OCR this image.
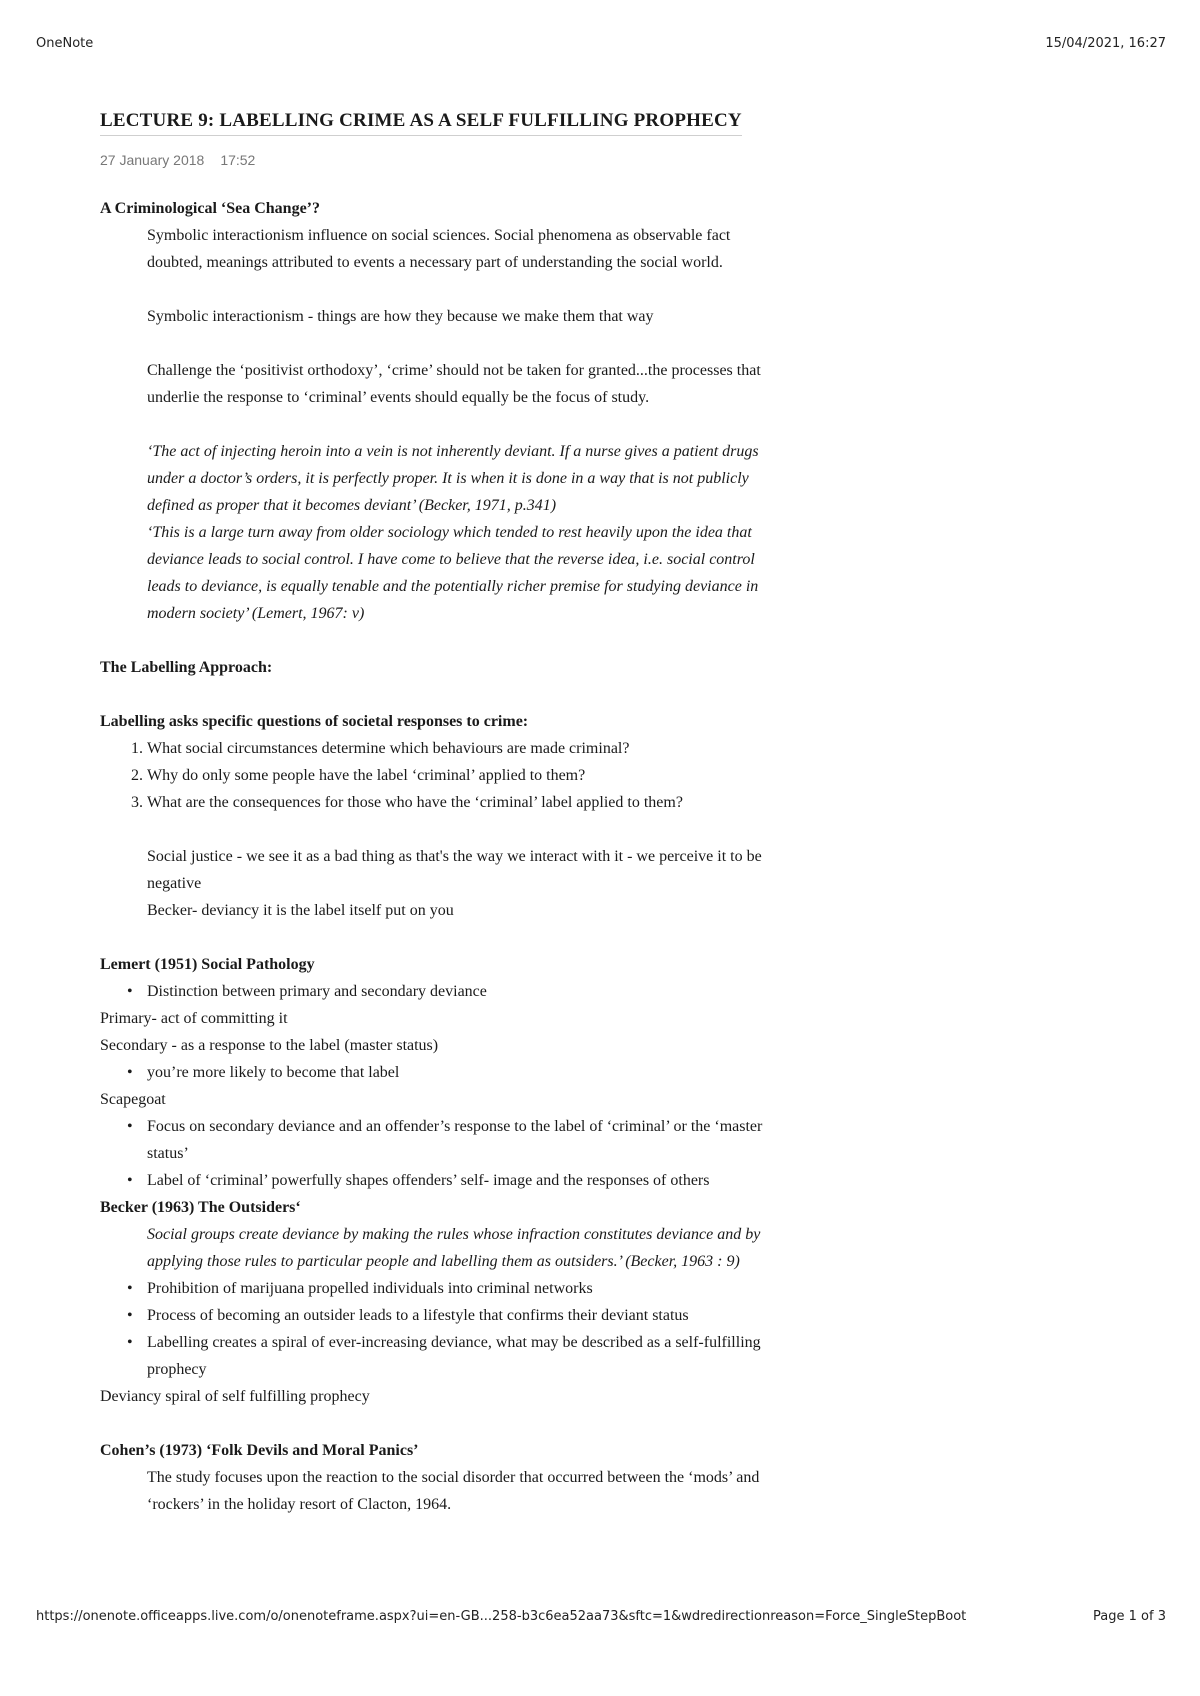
OneNote	15/04/2021, 16:27
LECTURE 9: LABELLING CRIME AS A SELF FULFILLING PROPHECY
27 January 2018 17:52
A Criminological ‘Sea Change’?
Symbolic interactionism influence on social sciences. Social phenomena as observable fact
doubted, meanings attributed to events a necessary part of understanding the social world.
Symbolic interactionism - things are how they because we make them that way
Challenge the ‘positivist orthodoxy’, ‘crime’ should not be taken for granted...the processes that
underlie the response to ‘criminal’ events should equally be the focus of study.
‘The act of injecting heroin into a vein is not inherently deviant. If a nurse gives a patient drugs
under a doctor’s orders, it is perfectly proper. It is when it is done in a way that is not publicly
defined as proper that it becomes deviant’ (Becker, 1971, p.341)
‘This is a large turn away from older sociology which tended to rest heavily upon the idea that
deviance leads to social control. I have come to believe that the reverse idea, i.e. social control
leads to deviance, is equally tenable and the potentially richer premise for studying deviance in
modern society’ (Lemert, 1967: v)
The Labelling Approach:
Labelling asks specific questions of societal responses to crime:
1. What social circumstances determine which behaviours are made criminal?
2. Why do only some people have the label ‘criminal’ applied to them?
3. What are the consequences for those who have the ‘criminal’ label applied to them?
Social justice - we see it as a bad thing as that's the way we interact with it - we perceive it to be
negative
Becker- deviancy it is the label itself put on you
Lemert (1951) Social Pathology
• Distinction between primary and secondary deviance
Primary- act of committing it
Secondary - as a response to the label (master status)
• you’re more likely to become that label
Scapegoat
• Focus on secondary deviance and an offender’s response to the label of ‘criminal’ or the ‘master
status’
• Label of ‘criminal’ powerfully shapes offenders’ self- image and the responses of others
Becker (1963) The Outsiders‘
Social groups create deviance by making the rules whose infraction constitutes deviance and by
applying those rules to particular people and labelling them as outsiders.’ (Becker, 1963 : 9)
• Prohibition of marijuana propelled individuals into criminal networks
• Process of becoming an outsider leads to a lifestyle that confirms their deviant status
• Labelling creates a spiral of ever-increasing deviance, what may be described as a self-fulfilling
prophecy
Deviancy spiral of self fulfilling prophecy
Cohen’s (1973) ‘Folk Devils and Moral Panics’
The study focuses upon the reaction to the social disorder that occurred between the ‘mods’ and
‘rockers’ in the holiday resort of Clacton, 1964.
https://onenote.officeapps.live.com/o/onenoteframe.aspx?ui=en-GB...258-b3c6ea52aa73&sftc=1&wdredirectionreason=Force_SingleStepBoot	Page 1 of 3
